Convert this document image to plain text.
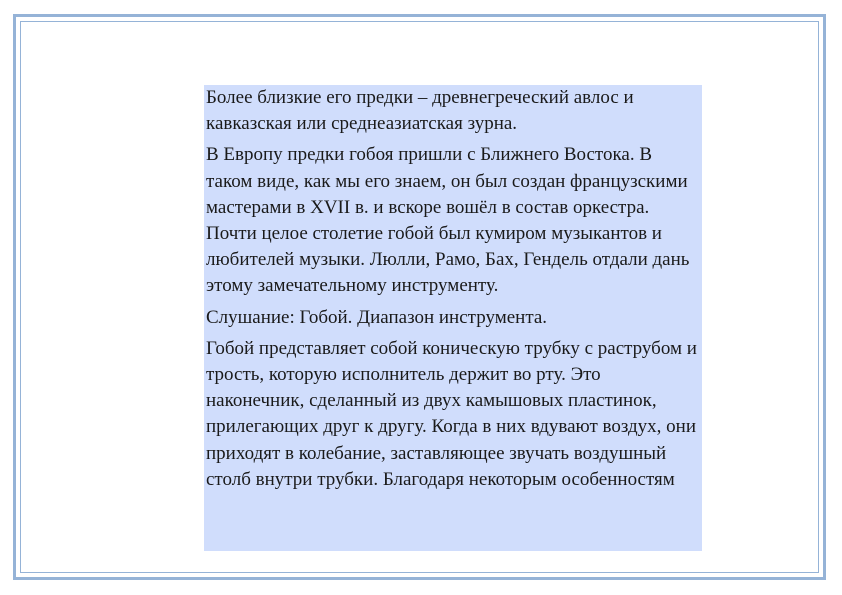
Более близкие его предки – древнегреческий авлос и кавказская или среднеазиатская зурна.

В Европу предки гобоя пришли с Ближнего Востока. В таком виде, как мы его знаем, он был создан французскими мастерами в XVII в. и вскоре вошёл в состав оркестра. Почти целое столетие гобой был кумиром музыкантов и любителей музыки. Люлли, Рамо, Бах, Гендель отдали дань этому замечательному инструменту.

Слушание: Гобой. Диапазон инструмента.

Гобой представляет собой коническую трубку с раструбом и трость, которую исполнитель держит во рту. Это наконечник, сделанный из двух камышовых пластинок, прилегающих друг к другу. Когда в них вдувают воздух, они приходят в колебание, заставляющее звучать воздушный столб внутри трубки. Благодаря некоторым особенностям
